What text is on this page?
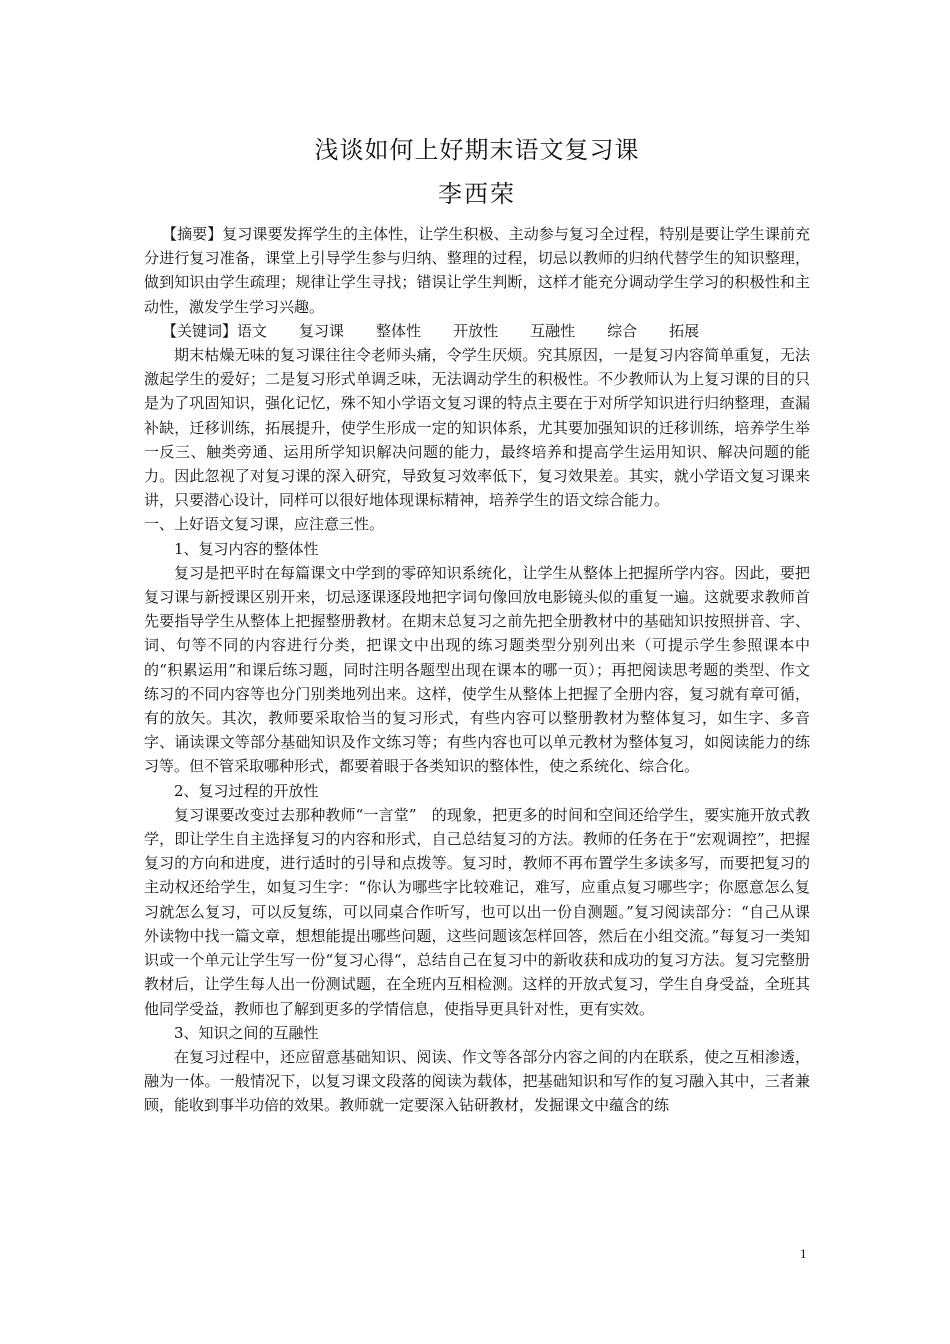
浅谈如何上好期末语文复习课
李西荣

【摘要】复习课要发挥学生的主体性，让学生积极、主动参与复习全过程，特别是要让学生课前充分进行复习准备，课堂上引导学生参与归纳、整理的过程，切忌以教师的归纳代替学生的知识整理，做到知识由学生疏理；规律让学生寻找；错误让学生判断，这样才能充分调动学生学习的积极性和主动性，激发学生学习兴趣。

【关键词】语文 复习课 整体性 开放性 互融性 综合 拓展

期末枯燥无味的复习课往往令老师头痛，令学生厌烦。究其原因，一是复习内容简单重复，无法激起学生的爱好；二是复习形式单调乏味，无法调动学生的积极性。不少教师认为上复习课的目的只是为了巩固知识，强化记忆，殊不知小学语文复习课的特点主要在于对所学知识进行归纳整理，查漏补缺，迁移训练，拓展提升，使学生形成一定的知识体系，尤其要加强知识的迁移训练，培养学生举一反三、触类旁通、运用所学知识解决问题的能力，最终培养和提高学生运用知识、解决问题的能力。因此忽视了对复习课的深入研究，导致复习效率低下，复习效果差。其实，就小学语文复习课来讲，只要潜心设计，同样可以很好地体现课标精神，培养学生的语文综合能力。

一、上好语文复习课，应注意三性。

1、复习内容的整体性

复习是把平时在每篇课文中学到的零碎知识系统化，让学生从整体上把握所学内容。因此，要把复习课与新授课区别开来，切忌逐课逐段地把字词句像回放电影镜头似的重复一遍。这就要求教师首先要指导学生从整体上把握整册教材。在期末总复习之前先把全册教材中的基础知识按照拼音、字、词、句等不同的内容进行分类，把课文中出现的练习题类型分别列出来（可提示学生参照课本中的“积累运用”和课后练习题，同时注明各题型出现在课本的哪一页）；再把阅读思考题的类型、作文练习的不同内容等也分门别类地列出来。这样，使学生从整体上把握了全册内容，复习就有章可循，有的放矢。其次，教师要采取恰当的复习形式，有些内容可以整册教材为整体复习，如生字、多音字、诵读课文等部分基础知识及作文练习等；有些内容也可以单元教材为整体复习，如阅读能力的练习等。但不管采取哪种形式，都要着眼于各类知识的整体性，使之系统化、综合化。

2、复习过程的开放性

复习课要改变过去那种教师“一言堂”　的现象，把更多的时间和空间还给学生，要实施开放式教学，即让学生自主选择复习的内容和形式，自己总结复习的方法。教师的任务在于“宏观调控”，把握复习的方向和进度，进行适时的引导和点拨等。复习时，教师不再布置学生多读多写，而要把复习的主动权还给学生，如复习生字：“你认为哪些字比较难记，难写，应重点复习哪些字；你愿意怎么复习就怎么复习，可以反复练，可以同桌合作听写，也可以出一份自测题。”复习阅读部分：“自己从课外读物中找一篇文章，想想能提出哪些问题，这些问题该怎样回答，然后在小组交流。”每复习一类知识或一个单元让学生写一份“复习心得“，总结自己在复习中的新收获和成功的复习方法。复习完整册教材后，让学生每人出一份测试题，在全班内互相检测。这样的开放式复习，学生自身受益，全班其他同学受益，教师也了解到更多的学情信息，使指导更具针对性，更有实效。

3、知识之间的互融性

在复习过程中，还应留意基础知识、阅读、作文等各部分内容之间的内在联系，使之互相渗透，融为一体。一般情况下，以复习课文段落的阅读为载体，把基础知识和写作的复习融入其中，三者兼顾，能收到事半功倍的效果。教师就一定要深入钻研教材，发掘课文中蕴含的练

1
